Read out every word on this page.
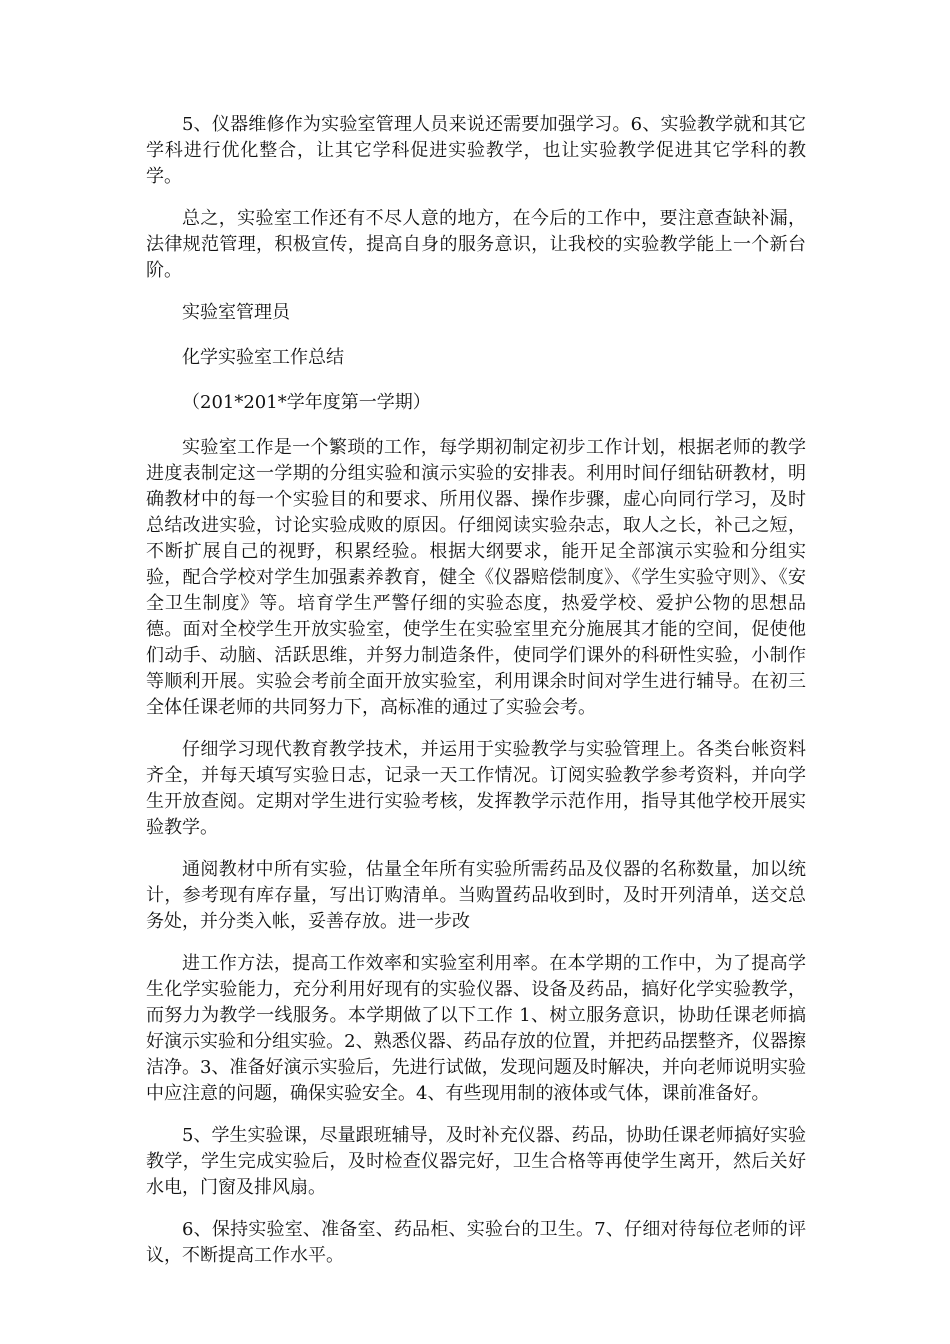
5、仪器维修作为实验室管理人员来说还需要加强学习。6、实验教学就和其它学科进行优化整合，让其它学科促进实验教学，也让实验教学促进其它学科的教学。

总之，实验室工作还有不尽人意的地方，在今后的工作中，要注意查缺补漏，法律规范管理，积极宣传，提高自身的服务意识，让我校的实验教学能上一个新台阶。

实验室管理员

化学实验室工作总结

（201*201*学年度第一学期）

实验室工作是一个繁琐的工作，每学期初制定初步工作计划，根据老师的教学进度表制定这一学期的分组实验和演示实验的安排表。利用时间仔细钻研教材，明确教材中的每一个实验目的和要求、所用仪器、操作步骤，虚心向同行学习，及时总结改进实验，讨论实验成败的原因。仔细阅读实验杂志，取人之长，补己之短，不断扩展自己的视野，积累经验。根据大纲要求，能开足全部演示实验和分组实验，配合学校对学生加强素养教育，健全《仪器赔偿制度》、《学生实验守则》、《安全卫生制度》等。培育学生严警仔细的实验态度，热爱学校、爱护公物的思想品德。面对全校学生开放实验室，使学生在实验室里充分施展其才能的空间，促使他们动手、动脑、活跃思维，并努力制造条件，使同学们课外的科研性实验，小制作等顺利开展。实验会考前全面开放实验室，利用课余时间对学生进行辅导。在初三全体任课老师的共同努力下，高标准的通过了实验会考。

仔细学习现代教育教学技术，并运用于实验教学与实验管理上。各类台帐资料齐全，并每天填写实验日志，记录一天工作情况。订阅实验教学参考资料，并向学生开放查阅。定期对学生进行实验考核，发挥教学示范作用，指导其他学校开展实验教学。

通阅教材中所有实验，估量全年所有实验所需药品及仪器的名称数量，加以统计，参考现有库存量，写出订购清单。当购置药品收到时，及时开列清单，送交总务处，并分类入帐，妥善存放。进一步改

进工作方法，提高工作效率和实验室利用率。在本学期的工作中，为了提高学生化学实验能力，充分利用好现有的实验仪器、设备及药品，搞好化学实验教学，而努力为教学一线服务。本学期做了以下工作 1、树立服务意识，协助任课老师搞好演示实验和分组实验。2、熟悉仪器、药品存放的位置，并把药品摆整齐，仪器擦洁净。3、准备好演示实验后，先进行试做，发现问题及时解决，并向老师说明实验中应注意的问题，确保实验安全。4、有些现用制的液体或气体，课前准备好。

5、学生实验课，尽量跟班辅导，及时补充仪器、药品，协助任课老师搞好实验教学，学生完成实验后，及时检查仪器完好，卫生合格等再使学生离开，然后关好水电，门窗及排风扇。

6、保持实验室、准备室、药品柜、实验台的卫生。7、仔细对待每位老师的评议，不断提高工作水平。
